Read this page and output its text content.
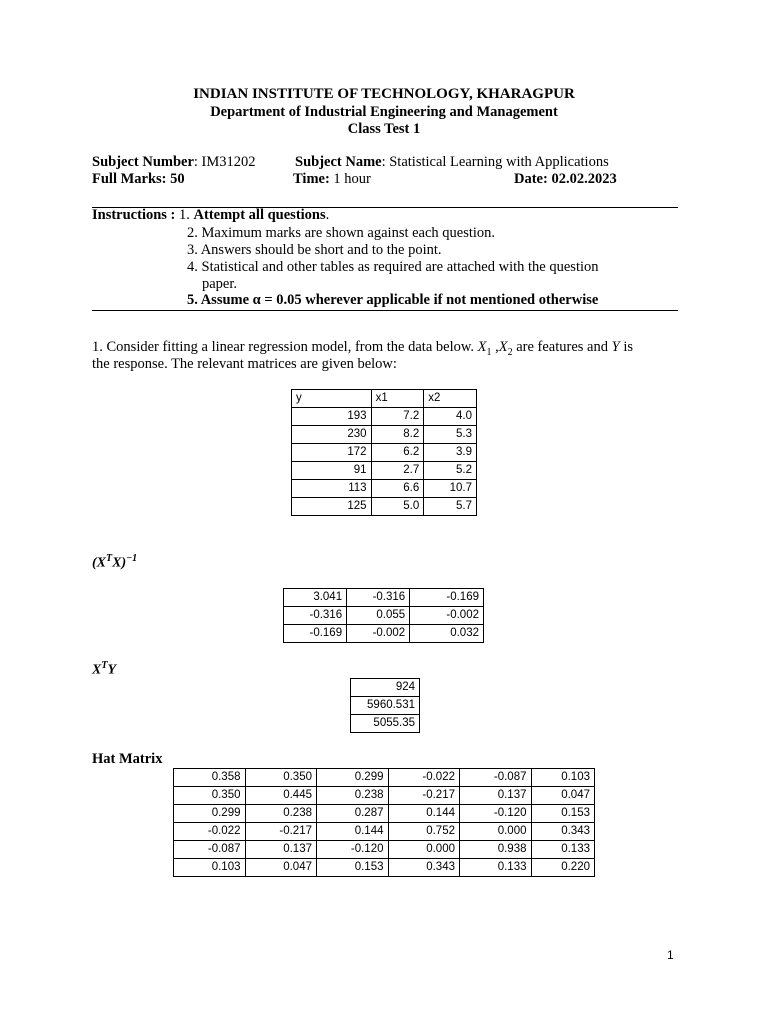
INDIAN INSTITUTE OF TECHNOLOGY, KHARAGPUR
Department of Industrial Engineering and Management
Class Test 1
Subject Number: IM31202	Subject Name: Statistical Learning with Applications
Full Marks: 50	Time: 1 hour	Date: 02.02.2023
Instructions : 1. Attempt all questions.
2. Maximum marks are shown against each question.
3. Answers should be short and to the point.
4. Statistical and other tables as required are attached with the question
paper.
5. Assume α = 0.05 wherever applicable if not mentioned otherwise
1. Consider fitting a linear regression model, from the data below. $X_1$ $,X_2$ are features and Y is
the response. The relevant matrices are given below:
y	x1	x2
193	7.2	4.0
230	8.2	5.3
172	6.2	3.9
91	2.7	5.2
113	6.6	10.7
125	5.0	5.7
$(X^TX)^{-1}$
3.041	-0.316	-0.169
-0.316	0.055	-0.002
-0.169	-0.002	0.032
$X^TY$
924
5960.531
5055.35
Hat Matrix
0.358	0.350	0.299	-0.022	-0.087	0.103
0.350	0.445	0.238	-0.217	0.137	0.047
0.299	0.238	0.287	0.144	-0.120	0.153
-0.022	-0.217	0.144	0.752	0.000	0.343
-0.087	0.137	-0.120	0.000	0.938	0.133
0.103	0.047	0.153	0.343	0.133	0.220
1
